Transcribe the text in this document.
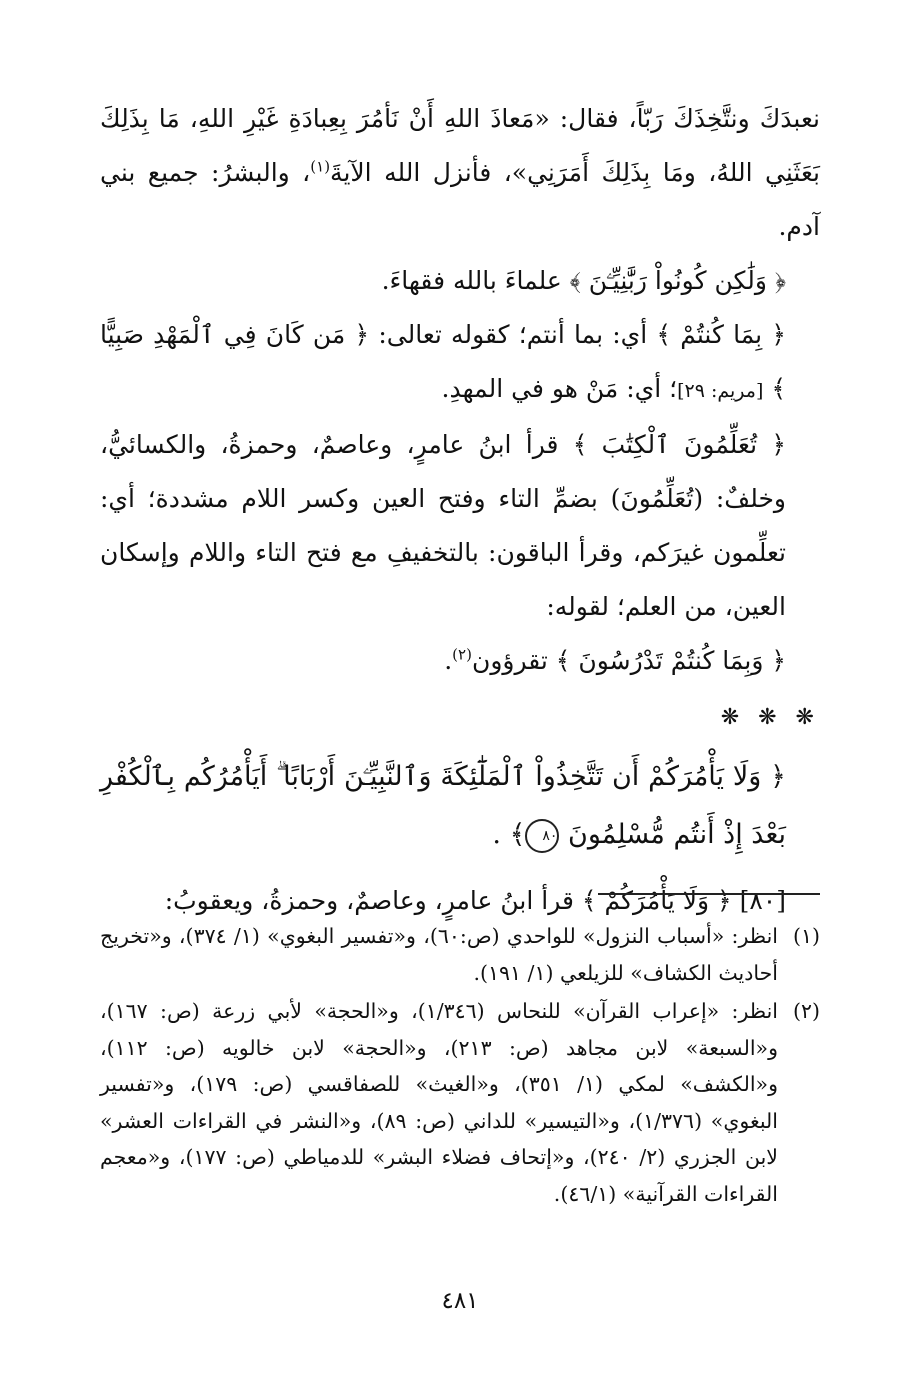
نعبدَكَ ونتَّخِذَكَ رَبّاً، فقال: «مَعاذَ اللهِ أَنْ نَأمُرَ بِعِبادَةِ غَيْرِ اللهِ، مَا بِذَلِكَ بَعَثَنِي اللهُ، ومَا بِذَلِكَ أَمَرَنِي»، فأنزل الله الآيةَ$^{(١)}$، والبشرُ: جميع بني آدم.

﴿ وَلَٰكِن كُونُواْ رَبَّٰنِيِّـۧنَ ﴾ علماءَ بالله فقهاءَ.

﴿ بِمَا كُنتُمْ ﴾ أي: بما أنتم؛ كقوله تعالى: ﴿ مَن كَانَ فِي ٱلْمَهْدِ صَبِيًّا ﴾ [مريم: ٢٩]؛ أي: مَنْ هو في المهدِ.

﴿ تُعَلِّمُونَ ٱلْكِتَٰبَ ﴾ قرأ ابنُ عامرٍ، وعاصمٌ، وحمزةُ، والكسائيُّ، وخلفٌ: (تُعَلِّمُونَ) بضمِّ التاء وفتح العين وكسر اللام مشددة؛ أي: تعلِّمون غيرَكم، وقرأ الباقون: بالتخفيفِ مع فتح التاء واللام وإسكان العين، من العلم؛ لقوله:

﴿ وَبِمَا كُنتُمْ تَدْرُسُونَ ﴾ تقرؤون$^{(٢)}$.

❋ ❋ ❋

﴿ وَلَا يَأْمُرَكُمْ أَن تَتَّخِذُواْ ٱلْمَلَٰٓئِكَةَ وَٱلنَّبِيِّـۧنَ أَرْبَابًا ۗ أَيَأْمُرُكُم بِٱلْكُفْرِ بَعْدَ إِذْ أَنتُم مُّسْلِمُونَ ٨٠﴾ .

[٨٠] ﴿ وَلَا يَأْمُرَكُمْ ﴾ قرأ ابنُ عامرٍ، وعاصمٌ، وحمزةُ، ويعقوبُ:

(١)
انظر: «أسباب النزول» للواحدي (ص:٦٠)، و«تفسير البغوي» (١/ ٣٧٤)، و«تخريج أحاديث الكشاف» للزيلعي (١/ ١٩١).
(٢)
انظر: «إعراب القرآن» للنحاس (١/٣٤٦)، و«الحجة» لأبي زرعة (ص: ١٦٧)، و«السبعة» لابن مجاهد (ص: ٢١٣)، و«الحجة» لابن خالويه (ص: ١١٢)، و«الكشف» لمكي (١/ ٣٥١)، و«الغيث» للصفاقسي (ص: ١٧٩)، و«تفسير البغوي» (١/٣٧٦)، و«التيسير» للداني (ص: ٨٩)، و«النشر في القراءات العشر» لابن الجزري (٢/ ٢٤٠)، و«إتحاف فضلاء البشر» للدمياطي (ص: ١٧٧)، و«معجم القراءات القرآنية» (٤٦/١).
٤٨١
